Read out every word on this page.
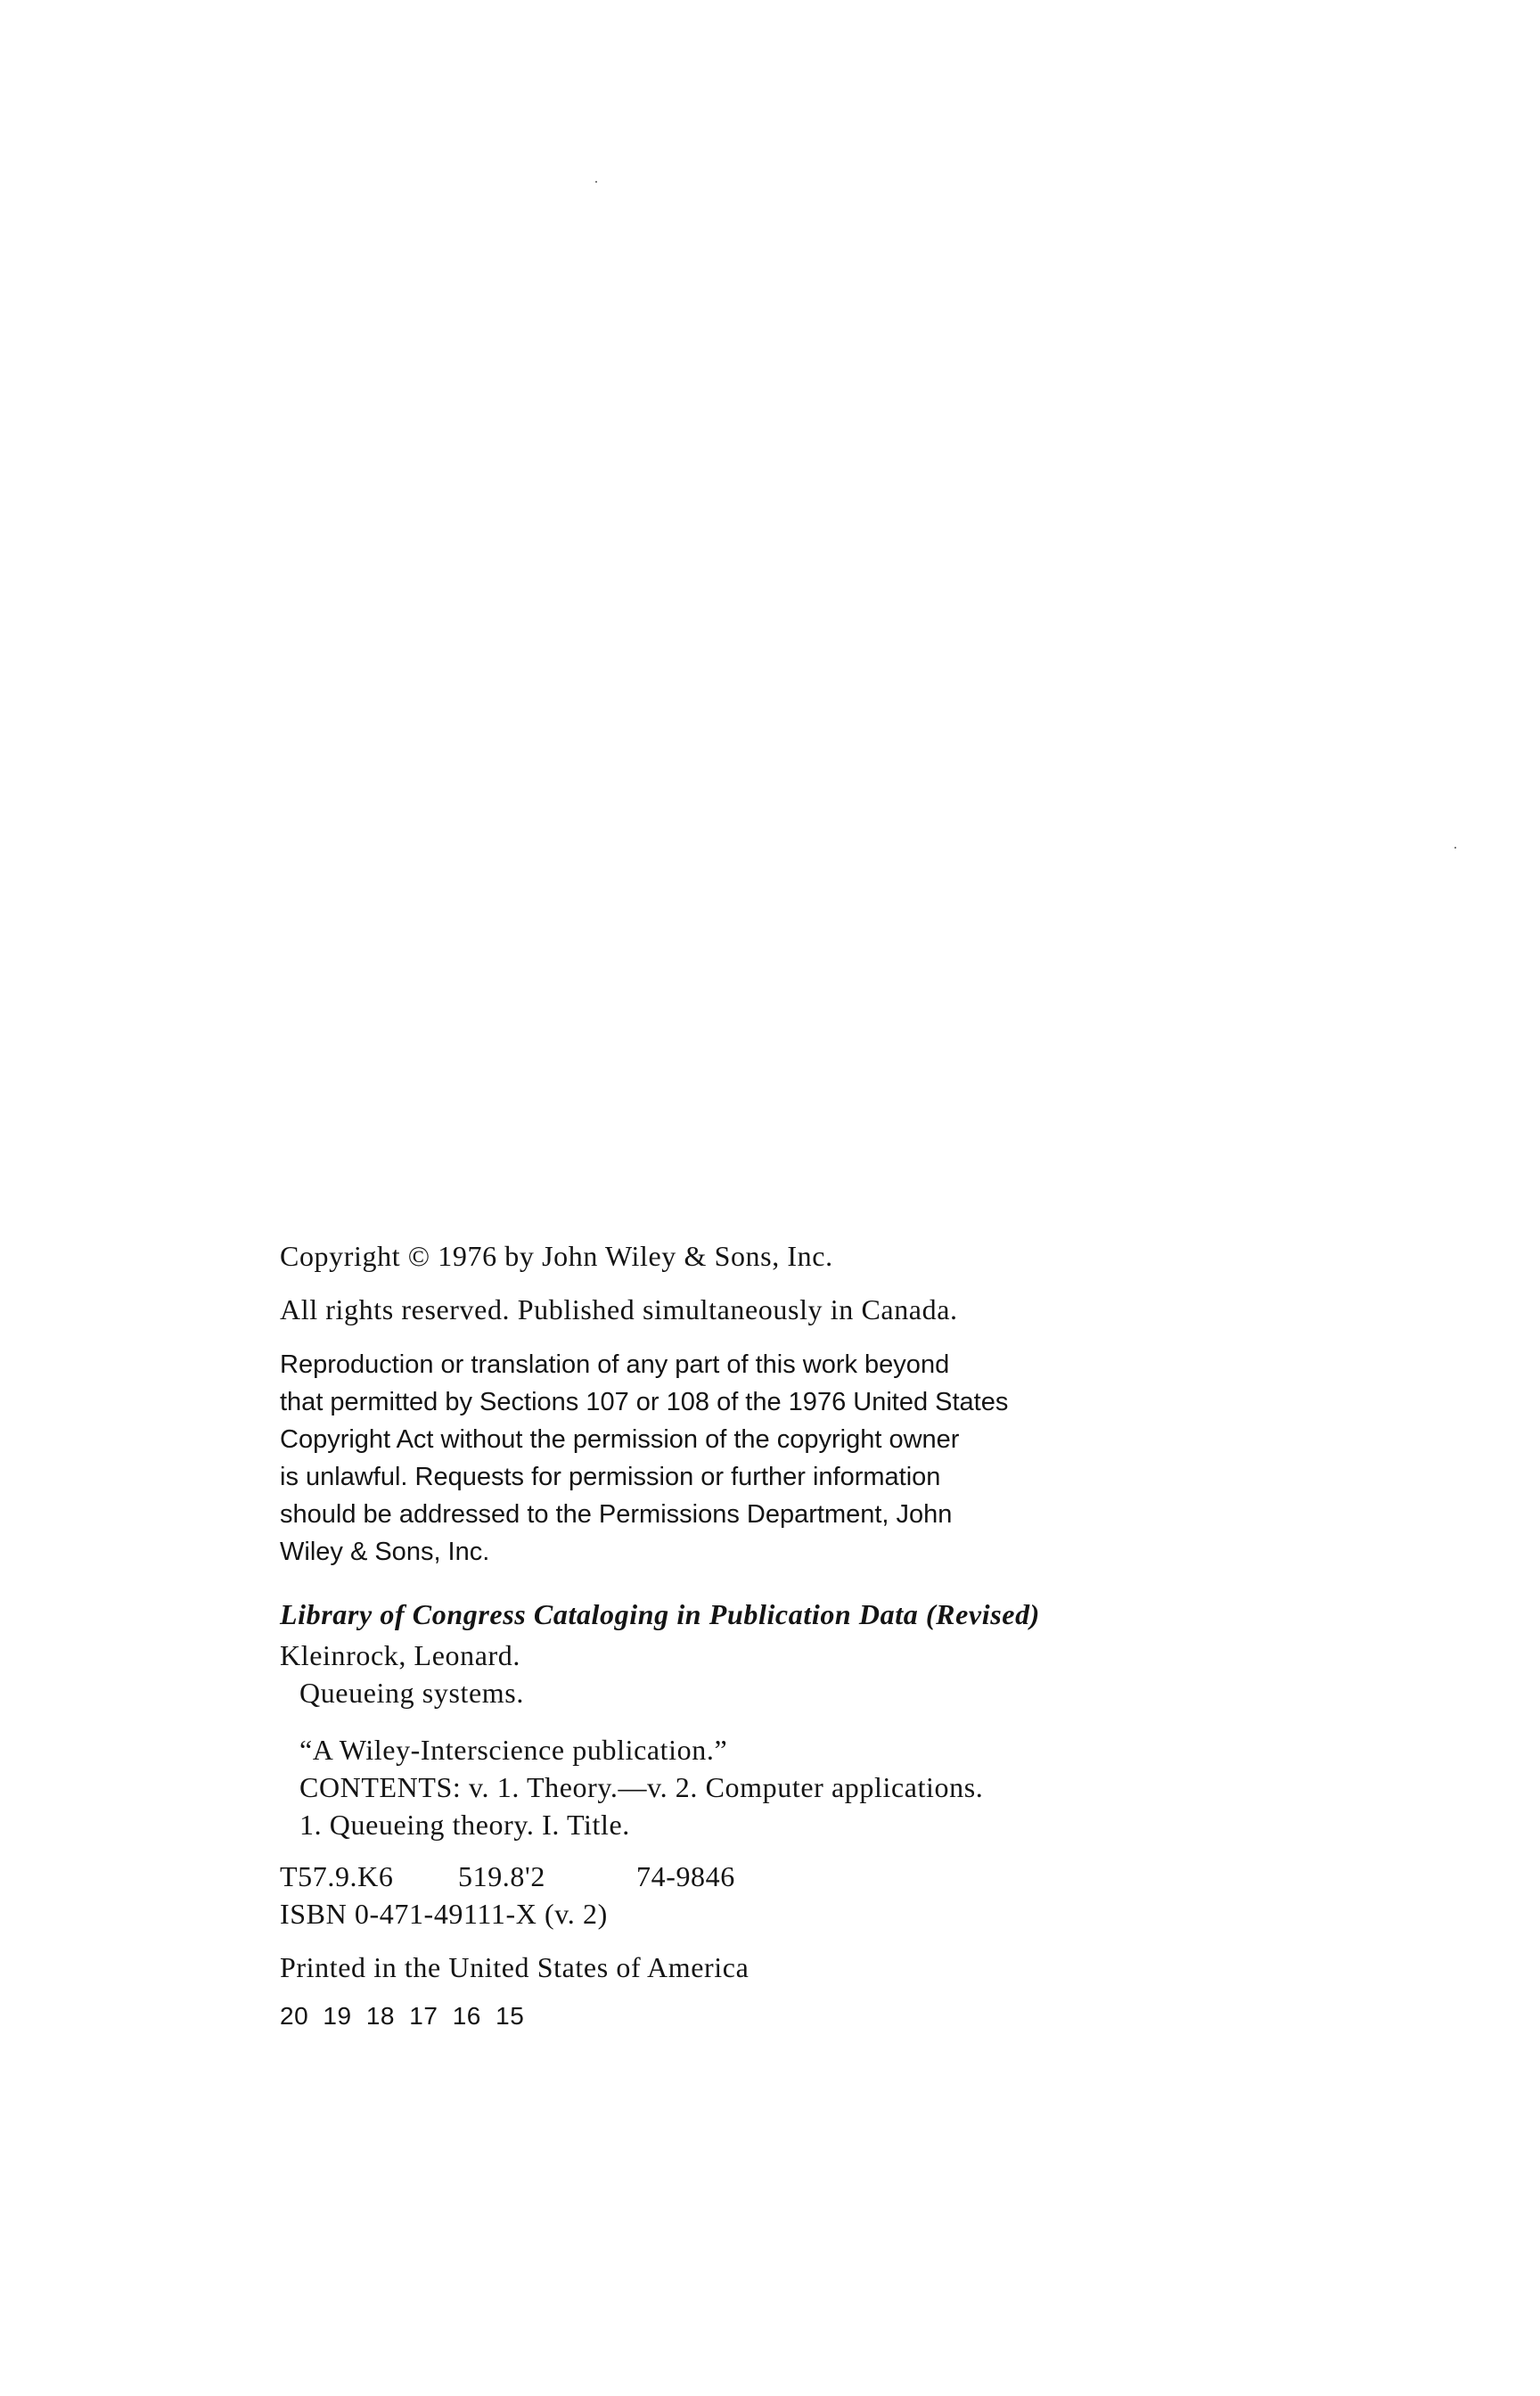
Copyright © 1976 by John Wiley & Sons, Inc.
All rights reserved. Published simultaneously in Canada.
Reproduction or translation of any part of this work beyond
that permitted by Sections 107 or 108 of the 1976 United States
Copyright Act without the permission of the copyright owner
is unlawful. Requests for permission or further information
should be addressed to the Permissions Department, John
Wiley & Sons, Inc.
Library of Congress Cataloging in Publication Data (Revised)
Kleinrock, Leonard.
Queueing systems.
“A Wiley-Interscience publication.”
CONTENTS: v. 1. Theory.—v. 2. Computer applications.
1. Queueing theory. I. Title.
T57.9.K6 519.8'2	74-9846
ISBN 0-471-49111-X (v. 2)
Printed in the United States of America
20 19 18 17 16 15
